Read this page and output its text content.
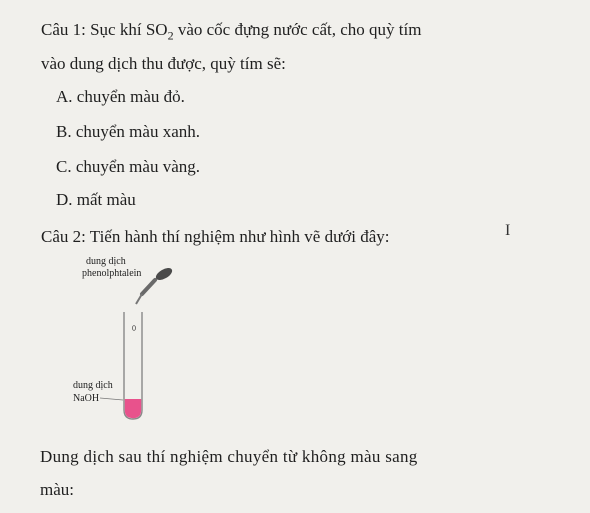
Câu 1: Sục khí $SO_2$ vào cốc đựng nước cất, cho quỳ tím
vào dung dịch thu được, quỳ tím sẽ:
A. chuyển màu đỏ.
B. chuyển màu xanh.
C. chuyển màu vàng.
D. mất màu
I
Câu 2: Tiến hành thí nghiệm như hình vẽ dưới đây:
dung dịch
phenolphtalein
dung dịch
NaOH
Dung dịch sau thí nghiệm chuyển từ không màu sang
màu:
